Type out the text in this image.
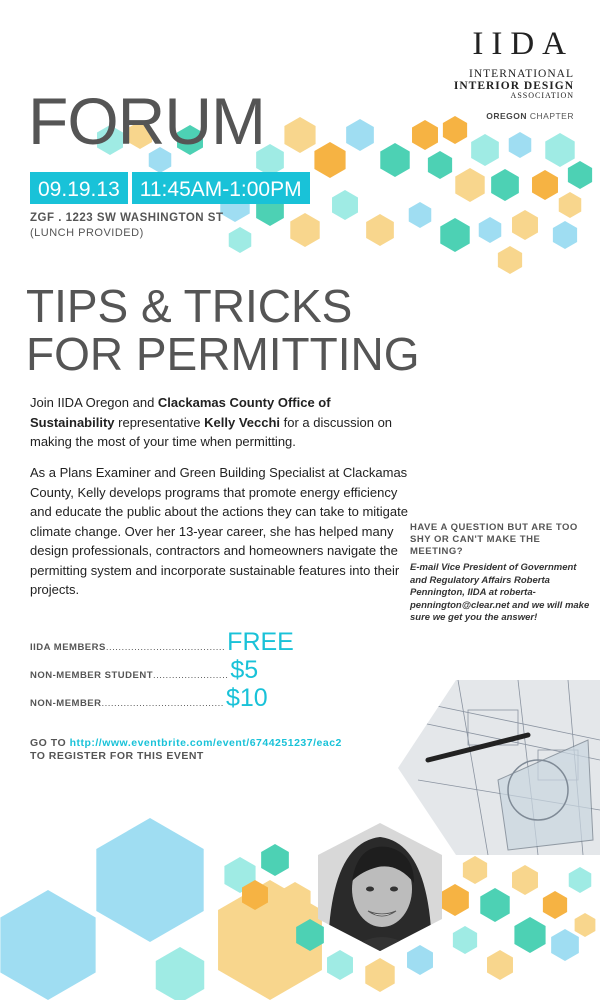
IIDA
INTERNATIONAL
INTERIOR DESIGN
ASSOCIATION
OREGON CHAPTER
FORUM
09.19.13 11:45AM-1:00PM
ZGF . 1223 SW WASHINGTON ST
(LUNCH PROVIDED)
TIPS & TRICKS
FOR PERMITTING
Join IIDA Oregon and Clackamas County Office of Sustainability representative Kelly Vecchi for a discussion on making the most of your time when permitting.
As a Plans Examiner and Green Building Specialist at Clackamas County, Kelly develops programs that promote energy efficiency and educate the public about the actions they can take to mitigate climate change. Over her 13-year career, she has helped many design professionals, contractors and homeowners navigate the permitting system and incorporate sustainable features into their projects.
HAVE A QUESTION BUT ARE TOO SHY OR CAN'T MAKE THE MEETING?
E-mail Vice President of Government and Regulatory Affairs Roberta Pennington, IIDA at roberta-pennington@clear.net and we will make sure we get you the answer!
IIDA MEMBERS ...................................... FREE
NON-MEMBER STUDENT ........................ $5
NON-MEMBER ....................................... $10
GO TO http://www.eventbrite.com/event/6744251237/eac2
TO REGISTER FOR THIS EVENT
